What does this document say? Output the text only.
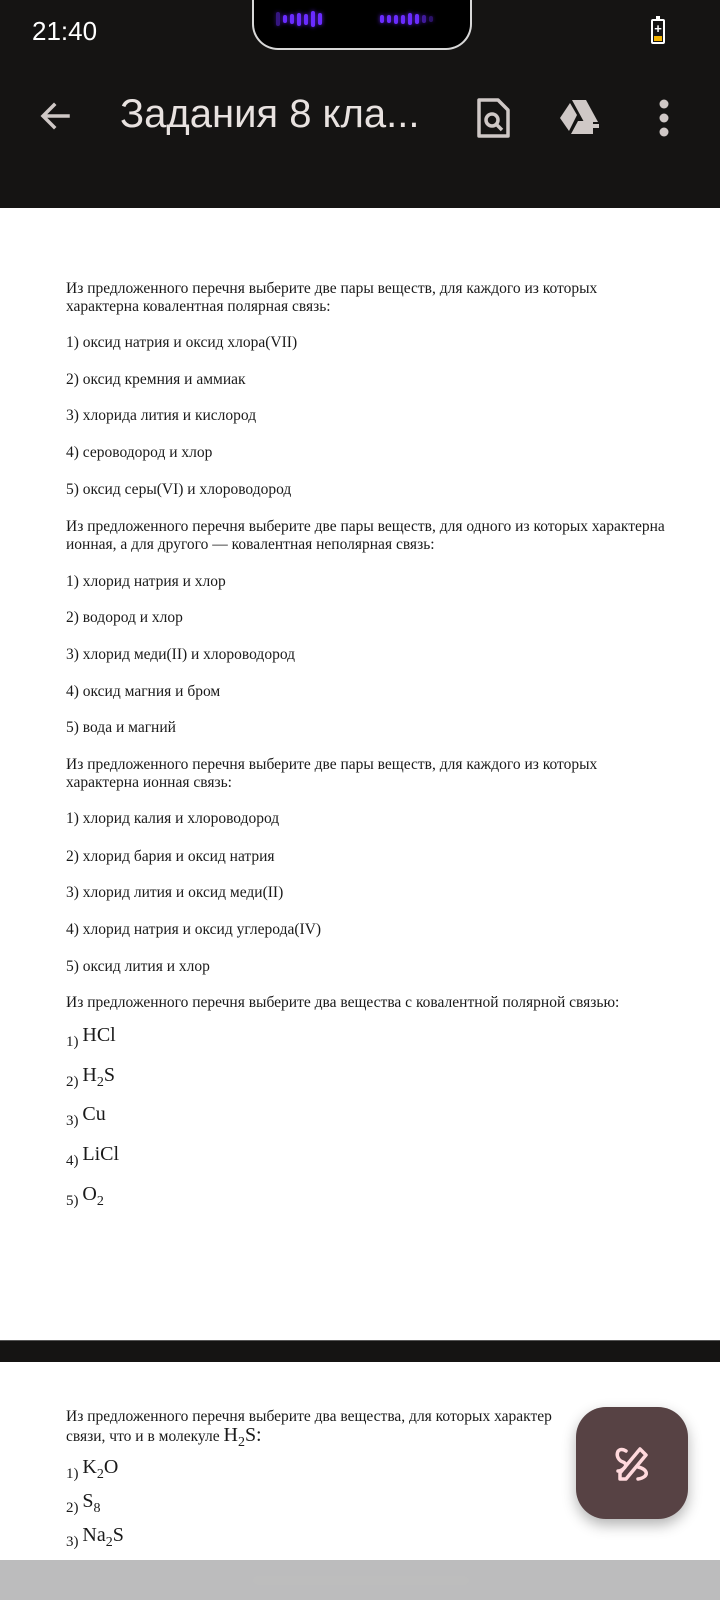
21:40	+
Задания 8 кла...
Из предложенного перечня выберите две пары веществ, для каждого из которых
характерна ковалентная полярная связь:
1) оксид натрия и оксид хлора(VII)
2) оксид кремния и аммиак
3) хлорида лития и кислород
4) сероводород и хлор
5) оксид серы(VI) и хлороводород
Из предложенного перечня выберите две пары веществ, для одного из которых характерна
ионная, а для другого — ковалентная неполярная связь:
1) хлорид натрия и хлор
2) водород и хлор
3) хлорид меди(II) и хлороводород
4) оксид магния и бром
5) вода и магний
Из предложенного перечня выберите две пары веществ, для каждого из которых
характерна ионная связь:
1) хлорид калия и хлороводород
2) хлорид бария и оксид натрия
3) хлорид лития и оксид меди(II)
4) хлорид натрия и оксид углерода(IV)
5) оксид лития и хлор
Из предложенного перечня выберите два вещества с ковалентной полярной связью:
1) HCl
2) $H_2S$
3) Cu
4) LiCl
5) $O_2$
Из предложенного перечня выберите два вещества, для которых характер
связи, что и в молекуле $H_2S$:
1) $K_2O$
2) $S_8$
3) $Na_2S$
